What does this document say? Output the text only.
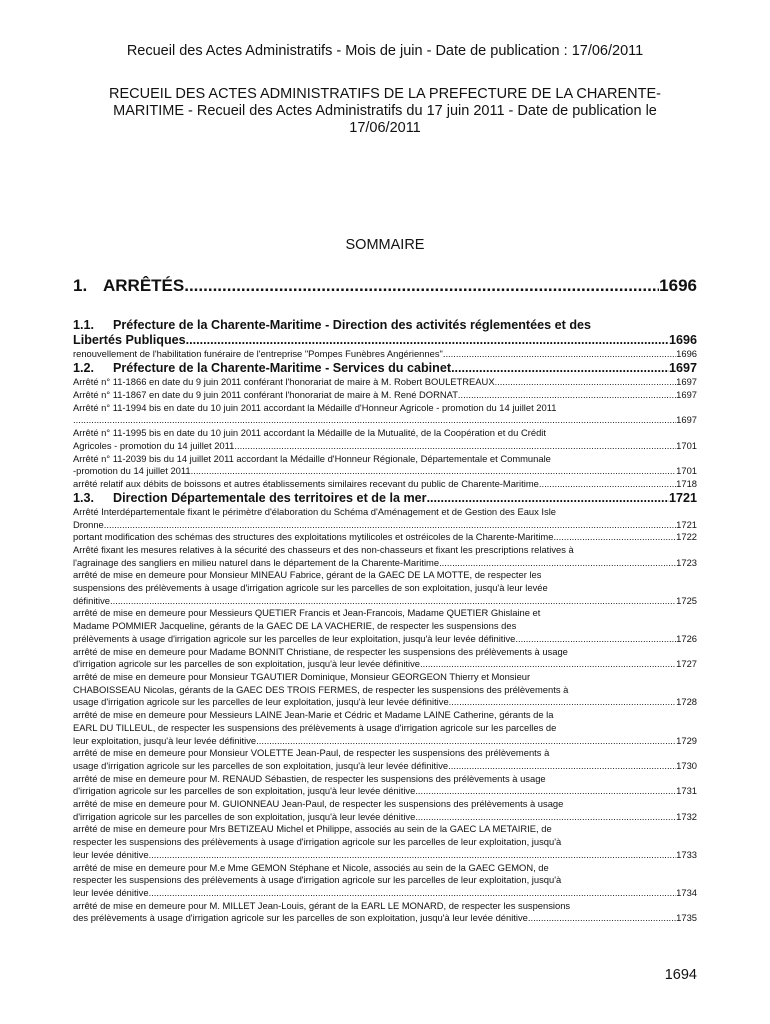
Recueil des Actes Administratifs - Mois de juin - Date de publication : 17/06/2011
RECUEIL DES ACTES ADMINISTRATIFS DE LA PREFECTURE DE LA CHARENTE-
MARITIME - Recueil des Actes Administratifs du 17 juin 2011 - Date de publication le
17/06/2011
SOMMAIRE
1. ARRÊTÉS .....	1696
1.1. Préfecture de la Charente-Maritime - Direction des activités réglementées et des
Libertés Publiques .....	1696
renouvellement de l'habilitation funéraire de l'entreprise "Pompes Funèbres Angériennes" .....	1696
1.2. Préfecture de la Charente-Maritime - Services du cabinet .....	1697
Arrêté n° 11-1866 en date du 9 juin 2011 conférant l'honorariat de maire à M. Robert BOULETREAUX .....	1697
Arrêté n° 11-1867 en date du 9 juin 2011 conférant l'honorariat de maire à M. René DORNAT .....	1697
Arrêté n° 11-1994 bis en date du 10 juin 2011 accordant la Médaille d'Honneur Agricole - promotion du 14 juillet 2011
.....
1697
Arrêté n° 11-1995 bis en date du 10 juin 2011 accordant la Médaille de la Mutualité, de la Coopération et du Crédit
Agricoles - promotion du 14 juillet 2011 .....	1701
Arrêté n° 11-2039 bis du 14 juillet 2011 accordant la Médaille d'Honneur Régionale, Départementale et Communale
-promotion du 14 juillet 2011 .....	1701
arrêté relatif aux débits de boissons et autres établissements similaires recevant du public de Charente-Maritime .....	1718
1.3. Direction Départementale des territoires et de la mer .....	1721
Arrêté Interdépartementale fixant le périmètre d'élaboration du Schéma d'Aménagement et de Gestion des Eaux Isle
Dronne .....	1721
portant modification des schémas des structures des exploitations mytilicoles et ostréicoles de la Charente-Maritime .....	1722
Arrêté fixant les mesures relatives à la sécurité des chasseurs et des non-chasseurs et fixant les prescriptions relatives à
l'agrainage des sangliers en milieu naturel dans le département de la Charente-Maritime .....	1723
arrêté de mise en demeure pour Monsieur MINEAU Fabrice, gérant de la GAEC DE LA MOTTE, de respecter les
suspensions des prélèvements à usage d'irrigation agricole sur les parcelles de son exploitation, jusqu'à leur levée
définitive .....	1725
arrêté de mise en demeure pour Messieurs QUETIER Francis et Jean-Francois, Madame QUETIER Ghislaine et
Madame POMMIER Jacqueline, gérants de la GAEC DE LA VACHERIE, de respecter les suspensions des
prélèvements à usage d'irrigation agricole sur les parcelles de leur exploitation, jusqu'à leur levée définitive .....	1726
arrêté de mise en demeure pour Madame BONNIT Christiane, de respecter les suspensions des prélèvements à usage
d'irrigation agricole sur les parcelles de son exploitation, jusqu'à leur levée définitive .....	1727
arrêté de mise en demeure pour Monsieur TGAUTIER Dominique, Monsieur GEORGEON Thierry et Monsieur
CHABOISSEAU Nicolas, gérants de la GAEC DES TROIS FERMES, de respecter les suspensions des prélèvements à
usage d'irrigation agricole sur les parcelles de leur exploitation, jusqu'à leur levée définitive .....	1728
arrêté de mise en demeure pour Messieurs LAINE Jean-Marie et Cédric et Madame LAINE Catherine, gérants de la
EARL DU TILLEUL, de respecter les suspensions des prélèvements à usage d'irrigation agricole sur les parcelles de
leur exploitation, jusqu'à leur levée définitive .....	1729
arrêté de mise en demeure pour Monsieur VOLETTE Jean-Paul, de respecter les suspensions des prélèvements à
usage d'irrigation agricole sur les parcelles de son exploitation, jusqu'à leur levée définitive .....	1730
arrêté de mise en demeure pour M. RENAUD Sébastien, de respecter les suspensions des prélèvements à usage
d'irrigation agricole sur les parcelles de son exploitation, jusqu'à leur levée dénitive .....	1731
arrêté de mise en demeure pour M. GUIONNEAU Jean-Paul, de respecter les suspensions des prélèvements à usage
d'irrigation agricole sur les parcelles de son exploitation, jusqu'à leur levée dénitive .....	1732
arrêté de mise en demeure pour Mrs BETIZEAU Michel et Philippe, associés au sein de la GAEC LA METAIRIE, de
respecter les suspensions des prélèvements à usage d'irrigation agricole sur les parcelles de leur exploitation, jusqu'à
leur levée dénitive .....	1733
arrêté de mise en demeure pour M.e Mme GEMON Stéphane et Nicole, associés au sein de la GAEC GEMON, de
respecter les suspensions des prélèvements à usage d'irrigation agricole sur les parcelles de leur exploitation, jusqu'à
leur levée dénitive .....	1734
arrêté de mise en demeure pour M. MILLET Jean-Louis, gérant de la EARL LE MONARD, de respecter les suspensions
des prélèvements à usage d'irrigation agricole sur les parcelles de son exploitation, jusqu'à leur levée dénitive .....	1735
1694
